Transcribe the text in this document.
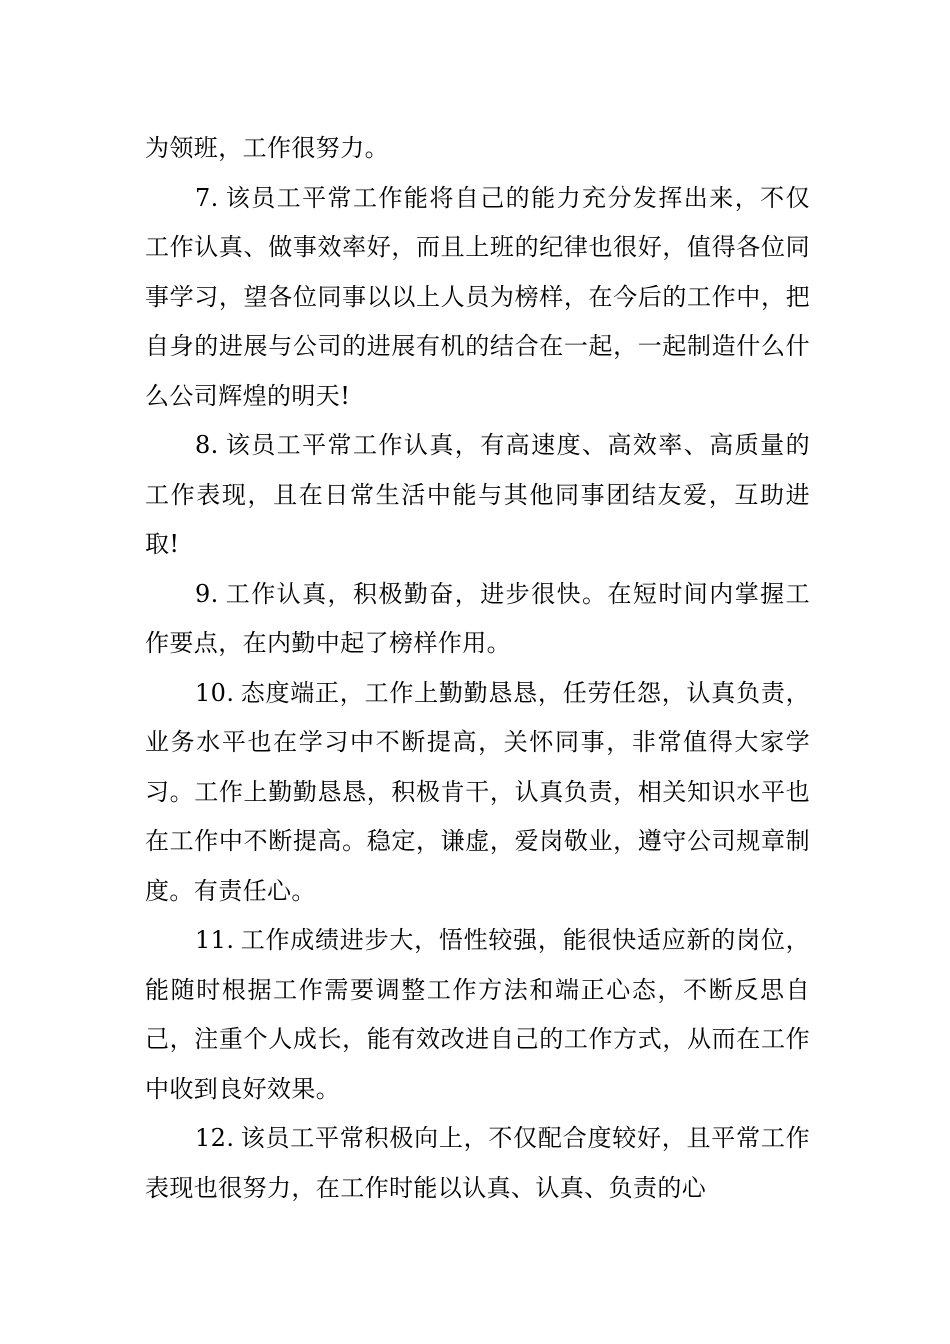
为领班，工作很努力。

7. 该员工平常工作能将自己的能力充分发挥出来，不仅工作认真、做事效率好，而且上班的纪律也很好，值得各位同事学习，望各位同事以以上人员为榜样，在今后的工作中，把自身的进展与公司的进展有机的结合在一起，一起制造什么什么公司辉煌的明天!

8. 该员工平常工作认真，有高速度、高效率、高质量的工作表现，且在日常生活中能与其他同事团结友爱，互助进取!

9. 工作认真，积极勤奋，进步很快。在短时间内掌握工作要点，在内勤中起了榜样作用。

10. 态度端正，工作上勤勤恳恳，任劳任怨，认真负责，业务水平也在学习中不断提高，关怀同事，非常值得大家学习。工作上勤勤恳恳，积极肯干，认真负责，相关知识水平也在工作中不断提高。稳定，谦虚，爱岗敬业，遵守公司规章制度。有责任心。

11. 工作成绩进步大，悟性较强，能很快适应新的岗位，能随时根据工作需要调整工作方法和端正心态，不断反思自己，注重个人成长，能有效改进自己的工作方式，从而在工作中收到良好效果。

12. 该员工平常积极向上，不仅配合度较好，且平常工作表现也很努力，在工作时能以认真、认真、负责的心
